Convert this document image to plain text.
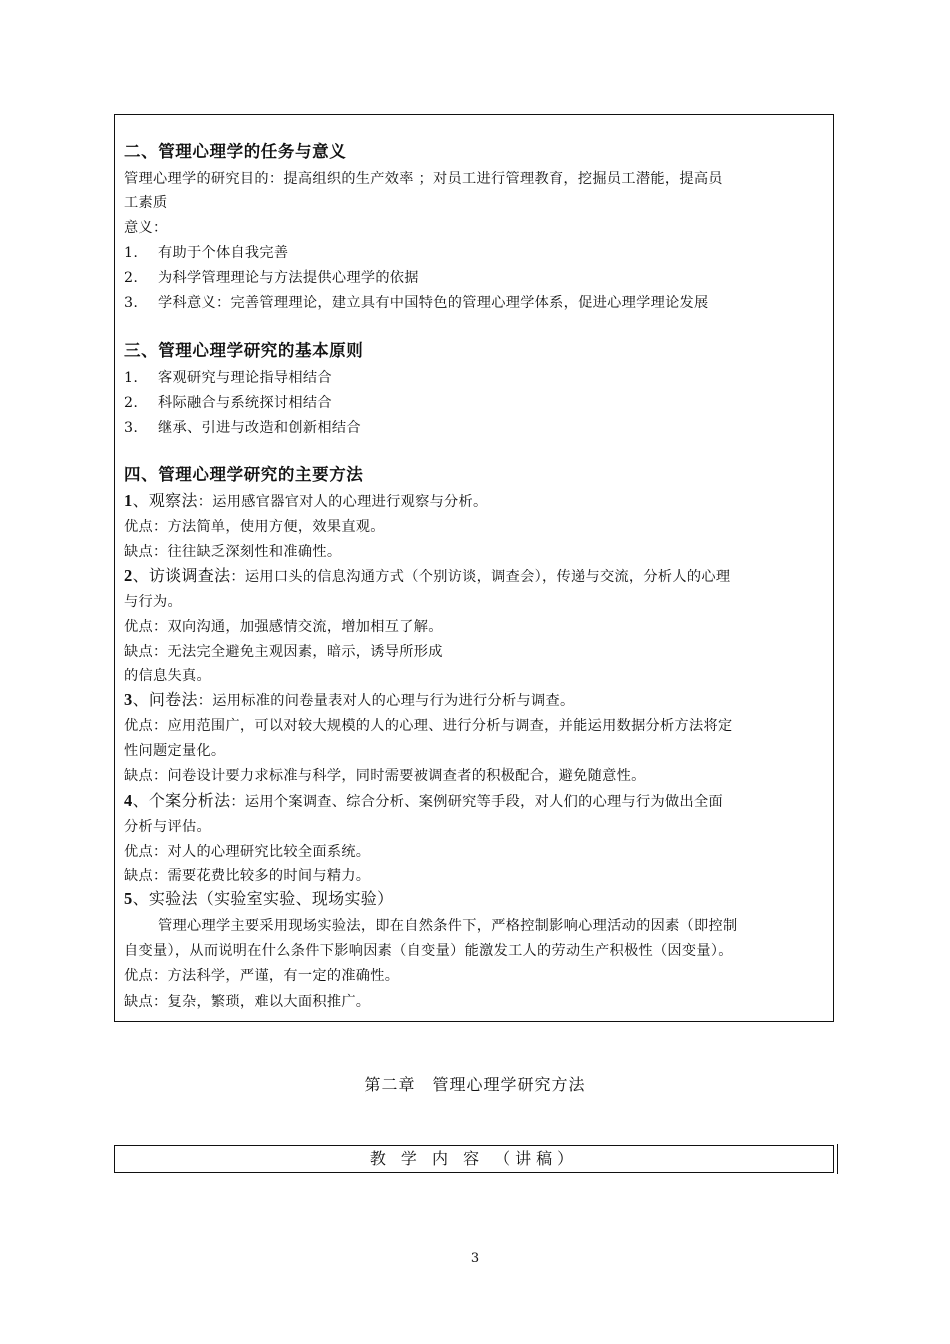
二、管理心理学的任务与意义
管理心理学的研究目的：提高组织的生产效率 ；对员工进行管理教育，挖掘员工潜能，提高员
工素质
意义：
1. 有助于个体自我完善
2. 为科学管理理论与方法提供心理学的依据
3. 学科意义：完善管理理论，建立具有中国特色的管理心理学体系，促进心理学理论发展
三、管理心理学研究的基本原则
1. 客观研究与理论指导相结合
2. 科际融合与系统探讨相结合
3. 继承、引进与改造和创新相结合
四、管理心理学研究的主要方法
1、观察法：运用感官器官对人的心理进行观察与分析。
优点：方法简单，使用方便，效果直观。
缺点：往往缺乏深刻性和准确性。
2、访谈调查法：运用口头的信息沟通方式（个别访谈，调查会），传递与交流，分析人的心理
与行为。
优点：双向沟通，加强感情交流，增加相互了解。
缺点：无法完全避免主观因素，暗示，诱导所形成
的信息失真。
3、问卷法：运用标准的问卷量表对人的心理与行为进行分析与调查。
优点：应用范围广，可以对较大规模的人的心理、进行分析与调查，并能运用数据分析方法将定
性问题定量化。
缺点：问卷设计要力求标准与科学，同时需要被调查者的积极配合，避免随意性。
4、个案分析法：运用个案调查、综合分析、案例研究等手段，对人们的心理与行为做出全面
分析与评估。
优点：对人的心理研究比较全面系统。
缺点：需要花费比较多的时间与精力。
5、实验法（实验室实验、现场实验）
管理心理学主要采用现场实验法，即在自然条件下，严格控制影响心理活动的因素（即控制
自变量），从而说明在什么条件下影响因素（自变量）能激发工人的劳动生产积极性（因变量）。
优点：方法科学，严谨，有一定的准确性。
缺点：复杂，繁琐，难以大面积推广。
第二章　管理心理学研究方法
教 学 内 容 （讲稿）
3
